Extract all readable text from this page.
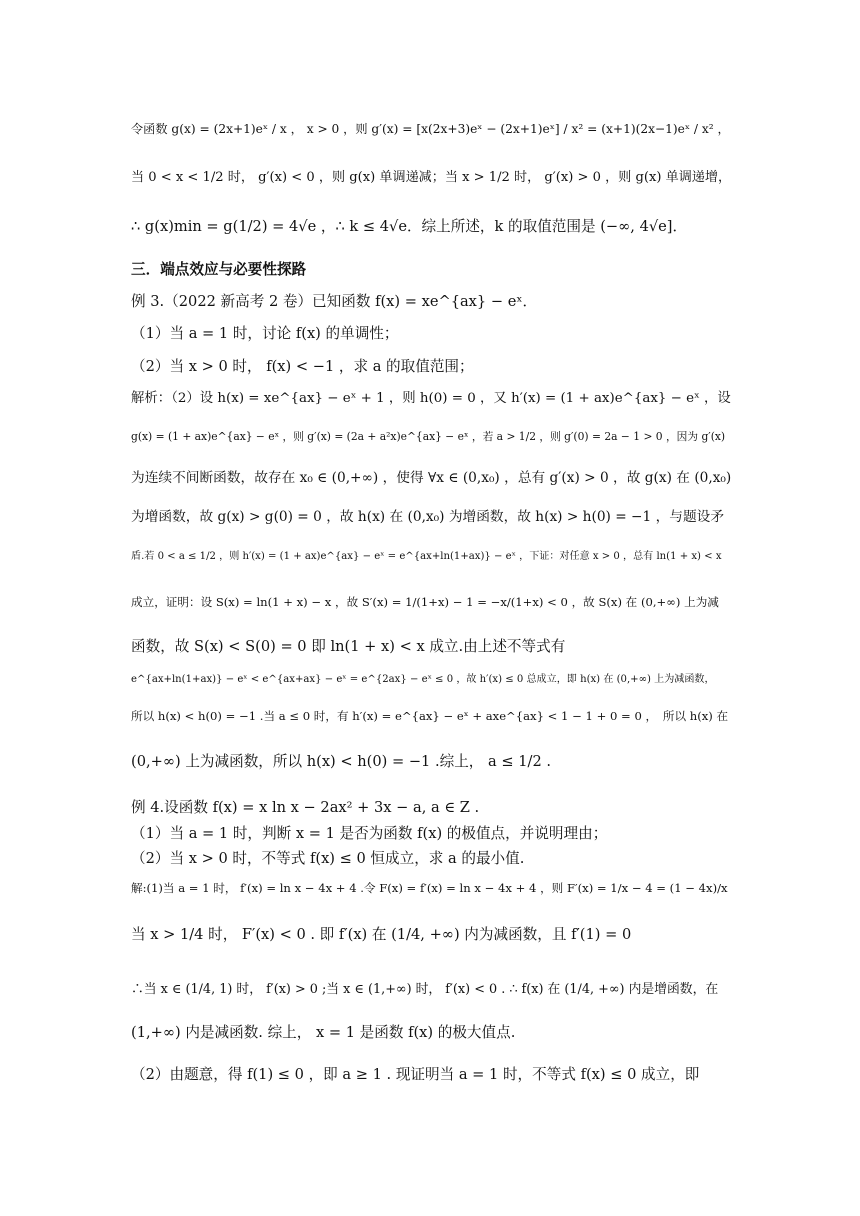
令函数 g(x) = (2x+1)eˣ / x ， x > 0 ，则 g′(x) = [x(2x+3)eˣ − (2x+1)eˣ] / x² = (x+1)(2x−1)eˣ / x² ，
当 0 < x < 1/2 时， g′(x) < 0 ，则 g(x) 单调递减；当 x > 1/2 时， g′(x) > 0 ，则 g(x) 单调递增，
∴ g(x)min = g(1/2) = 4√e ，∴ k ≤ 4√e．综上所述，k 的取值范围是 (−∞, 4√e]．
三．端点效应与必要性探路
例 3.（2022 新高考 2 卷）已知函数 f(x) = xe^{ax} − eˣ．
（1）当 a = 1 时，讨论 f(x) 的单调性；
（2）当 x > 0 时， f(x) < −1 ，求 a 的取值范围；
解析：（2）设 h(x) = xe^{ax} − eˣ + 1 ，则 h(0) = 0 ，又 h′(x) = (1 + ax)e^{ax} − eˣ ，设
g(x) = (1 + ax)e^{ax} − eˣ ，则 g′(x) = (2a + a²x)e^{ax} − eˣ ，若 a > 1/2 ，则 g′(0) = 2a − 1 > 0 ，因为 g′(x)
为连续不间断函数，故存在 x₀ ∈ (0,+∞) ，使得 ∀x ∈ (0,x₀) ，总有 g′(x) > 0 ，故 g(x) 在 (0,x₀)
为增函数，故 g(x) > g(0) = 0 ，故 h(x) 在 (0,x₀) 为增函数，故 h(x) > h(0) = −1 ，与题设矛
盾.若 0 < a ≤ 1/2 ，则 h′(x) = (1 + ax)e^{ax} − eˣ = e^{ax+ln(1+ax)} − eˣ ，下证：对任意 x > 0 ，总有 ln(1 + x) < x
成立，证明：设 S(x) = ln(1 + x) − x ，故 S′(x) = 1/(1+x) − 1 = −x/(1+x) < 0 ，故 S(x) 在 (0,+∞) 上为减
函数，故 S(x) < S(0) = 0 即 ln(1 + x) < x 成立.由上述不等式有
e^{ax+ln(1+ax)} − eˣ < e^{ax+ax} − eˣ = e^{2ax} − eˣ ≤ 0 ，故 h′(x) ≤ 0 总成立，即 h(x) 在 (0,+∞) 上为减函数，
所以 h(x) < h(0) = −1 .当 a ≤ 0 时，有 h′(x) = e^{ax} − eˣ + axe^{ax} < 1 − 1 + 0 = 0 ，　所以 h(x) 在
(0,+∞) 上为减函数，所以 h(x) < h(0) = −1 .综上， a ≤ 1/2 .
例 4.设函数 f(x) = x ln x − 2ax² + 3x − a, a ∈ Z .
（1）当 a = 1 时，判断 x = 1 是否为函数 f(x) 的极值点，并说明理由；
（2）当 x > 0 时，不等式 f(x) ≤ 0 恒成立，求 a 的最小值.
解:(1)当 a = 1 时， f′(x) = ln x − 4x + 4 .令 F(x) = f′(x) = ln x − 4x + 4 ，则 F′(x) = 1/x − 4 = (1 − 4x)/x
当 x > 1/4 时， F′(x) < 0 . 即 f′(x) 在 (1/4, +∞) 内为减函数，且 f′(1) = 0
∴当 x ∈ (1/4, 1) 时， f′(x) > 0 ;当 x ∈ (1,+∞) 时， f′(x) < 0 . ∴ f(x) 在 (1/4, +∞) 内是增函数，在
(1,+∞) 内是减函数. 综上， x = 1 是函数 f(x) 的极大值点.
（2）由题意，得 f(1) ≤ 0 ，即 a ≥ 1 . 现证明当 a = 1 时，不等式 f(x) ≤ 0 成立，即
